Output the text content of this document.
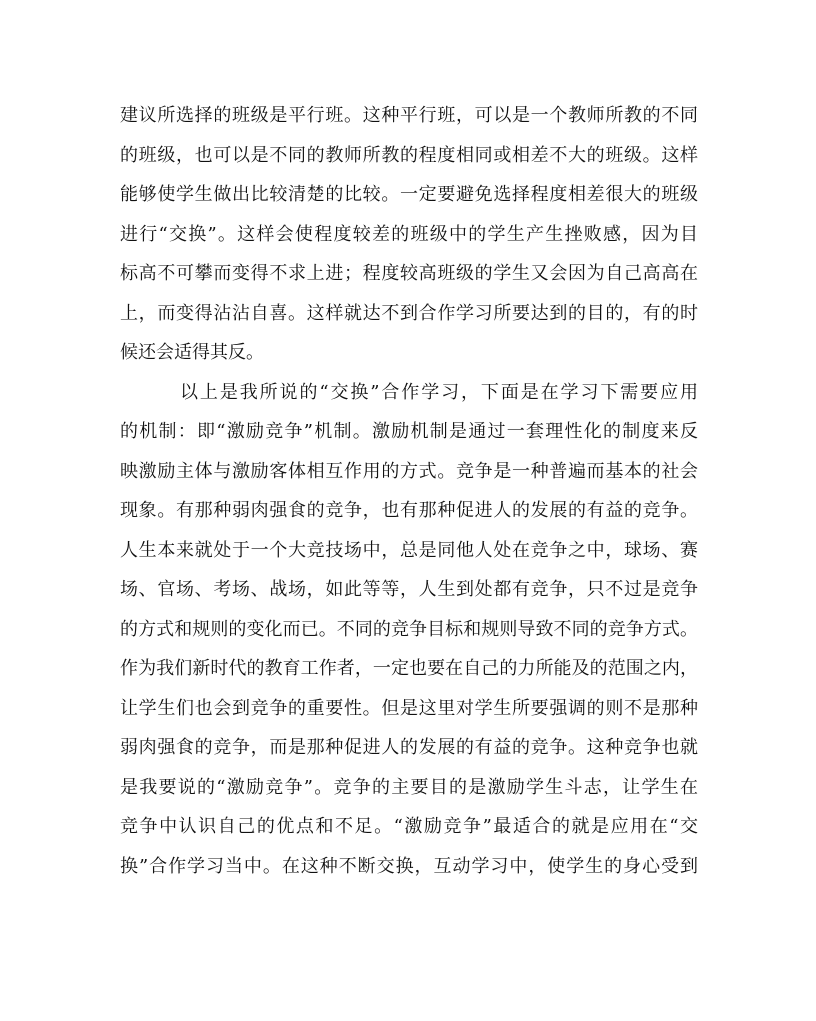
建议所选择的班级是平行班。这种平行班，可以是一个教师所教的不同
的班级，也可以是不同的教师所教的程度相同或相差不大的班级。这样
能够使学生做出比较清楚的比较。一定要避免选择程度相差很大的班级
进行“交换”。这样会使程度较差的班级中的学生产生挫败感，因为目
标高不可攀而变得不求上进；程度较高班级的学生又会因为自己高高在
上，而变得沾沾自喜。这样就达不到合作学习所要达到的目的，有的时
候还会适得其反。
以上是我所说的“交换”合作学习，下面是在学习下需要应用
的机制：即“激励竞争”机制。激励机制是通过一套理性化的制度来反
映激励主体与激励客体相互作用的方式。竞争是一种普遍而基本的社会
现象。有那种弱肉强食的竞争，也有那种促进人的发展的有益的竞争。
人生本来就处于一个大竞技场中，总是同他人处在竞争之中，球场、赛
场、官场、考场、战场，如此等等，人生到处都有竞争，只不过是竞争
的方式和规则的变化而已。不同的竞争目标和规则导致不同的竞争方式。
作为我们新时代的教育工作者，一定也要在自己的力所能及的范围之内，
让学生们也会到竞争的重要性。但是这里对学生所要强调的则不是那种
弱肉强食的竞争，而是那种促进人的发展的有益的竞争。这种竞争也就
是我要说的“激励竞争”。竞争的主要目的是激励学生斗志，让学生在
竞争中认识自己的优点和不足。“激励竞争”最适合的就是应用在“交
换”合作学习当中。在这种不断交换，互动学习中，使学生的身心受到
